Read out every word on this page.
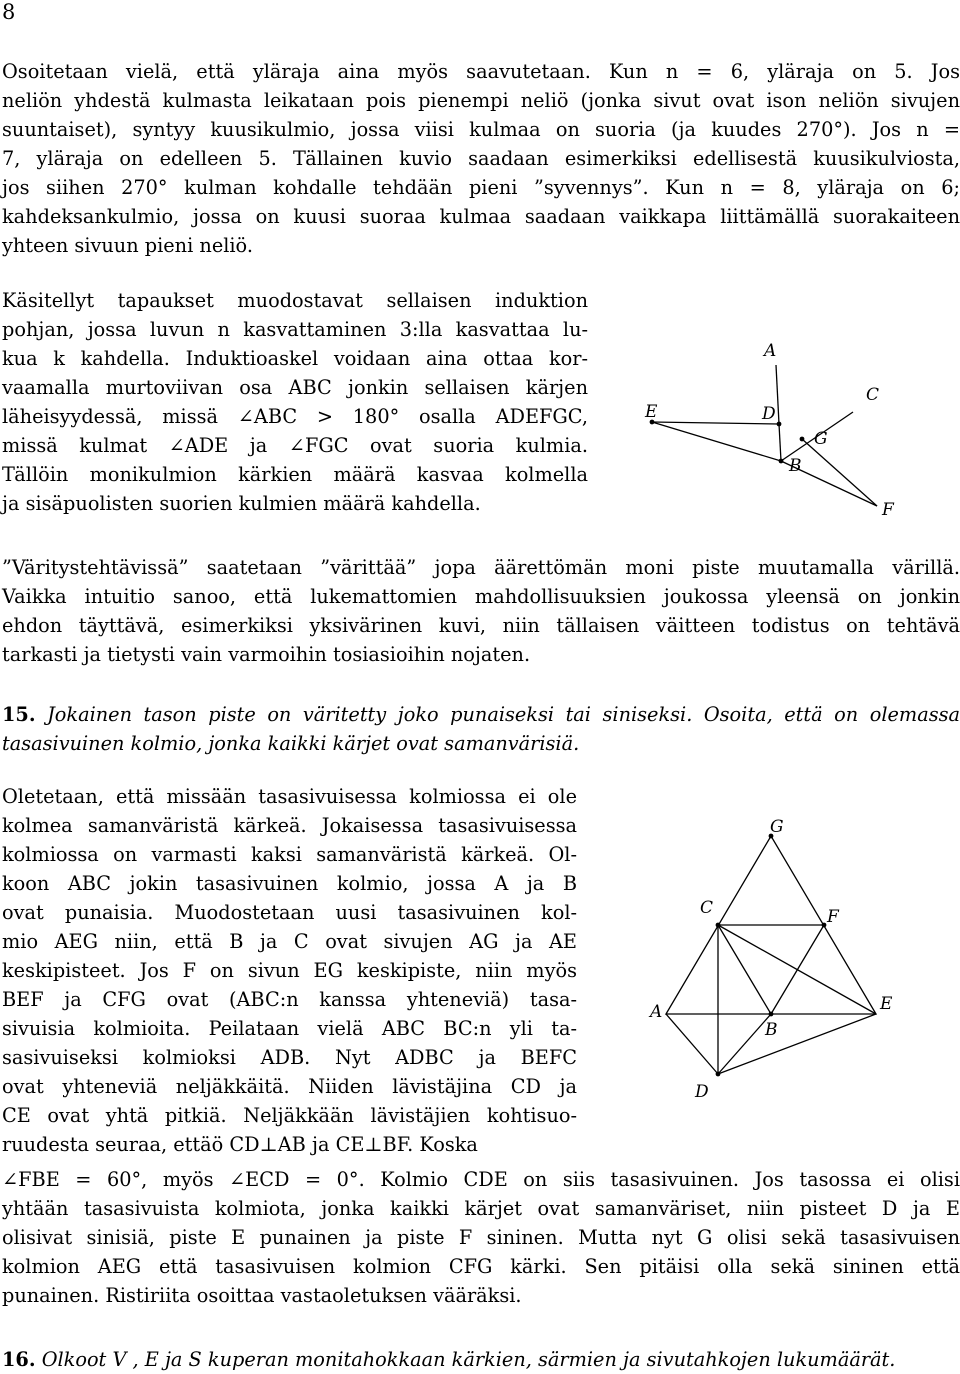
8
Osoitetaan vielä, että yläraja aina myös saavutetaan. Kun n = 6, yläraja on 5. Jos
neliön yhdestä kulmasta leikataan pois pienempi neliö (jonka sivut ovat ison neliön sivujen
suuntaiset), syntyy kuusikulmio, jossa viisi kulmaa on suoria (ja kuudes 270°). Jos n =
7, yläraja on edelleen 5. Tällainen kuvio saadaan esimerkiksi edellisestä kuusikulviosta,
jos siihen 270° kulman kohdalle tehdään pieni ”syvennys”. Kun n = 8, yläraja on 6;
kahdeksankulmio, jossa on kuusi suoraa kulmaa saadaan vaikkapa liittämällä suorakaiteen
yhteen sivuun pieni neliö.
Käsitellyt tapaukset muodostavat sellaisen induktion
pohjan, jossa luvun n kasvattaminen 3:lla kasvattaa lu-
kua k kahdella. Induktioaskel voidaan aina ottaa kor-
vaamalla murtoviivan osa ABC jonkin sellaisen kärjen
läheisyydessä, missä ∠ABC > 180° osalla ADEFGC,
missä kulmat ∠ADE ja ∠FGC ovat suoria kulmia.
Tällöin monikulmion kärkien määrä kasvaa kolmella
ja sisäpuolisten suorien kulmien määrä kahdella.
A
C
E	D
G
B
F
”Väritystehtävissä” saatetaan ”värittää” jopa äärettömän moni piste muutamalla värillä.
Vaikka intuitio sanoo, että lukemattomien mahdollisuuksien joukossa yleensä on jonkin
ehdon täyttävä, esimerkiksi yksivärinen kuvi, niin tällaisen väitteen todistus on tehtävä
tarkasti ja tietysti vain varmoihin tosiasioihin nojaten.
15. Jokainen tason piste on väritetty joko punaiseksi tai siniseksi. Osoita, että on olemassa
tasasivuinen kolmio, jonka kaikki kärjet ovat samanvärisiä.
Oletetaan, että missään tasasivuisessa kolmiossa ei ole
kolmea samanväristä kärkeä. Jokaisessa tasasivuisessa
kolmiossa on varmasti kaksi samanväristä kärkeä. Ol-
koon ABC jokin tasasivuinen kolmio, jossa A ja B
ovat punaisia. Muodostetaan uusi tasasivuinen kol-
mio AEG niin, että B ja C ovat sivujen AG ja AE
keskipisteet. Jos F on sivun EG keskipiste, niin myös
BEF ja CFG ovat (ABC:n kanssa yhteneviä) tasa-
sivuisia kolmioita. Peilataan vielä ABC BC:n yli ta-
sasivuiseksi kolmioksi ADB. Nyt ADBC ja BEFC
ovat yhteneviä neljäkkäitä. Niiden lävistäjina CD ja
CE ovat yhtä pitkiä. Neljäkkään lävistäjien kohtisuo-
ruudesta seuraa, ettäö CD⊥AB ja CE⊥BF. Koska
G
C	F
A
B
E
D
∠FBE = 60°, myös ∠ECD = 0°. Kolmio CDE on siis tasasivuinen. Jos tasossa ei olisi
yhtään tasasivuista kolmiota, jonka kaikki kärjet ovat samanväriset, niin pisteet D ja E
olisivat sinisiä, piste E punainen ja piste F sininen. Mutta nyt G olisi sekä tasasivuisen
kolmion AEG että tasasivuisen kolmion CFG kärki. Sen pitäisi olla sekä sininen että
punainen. Ristiriita osoittaa vastaoletuksen vääräksi.
16. Olkoot V , E ja S kuperan monitahokkaan kärkien, särmien ja sivutahkojen lukumäärät.
